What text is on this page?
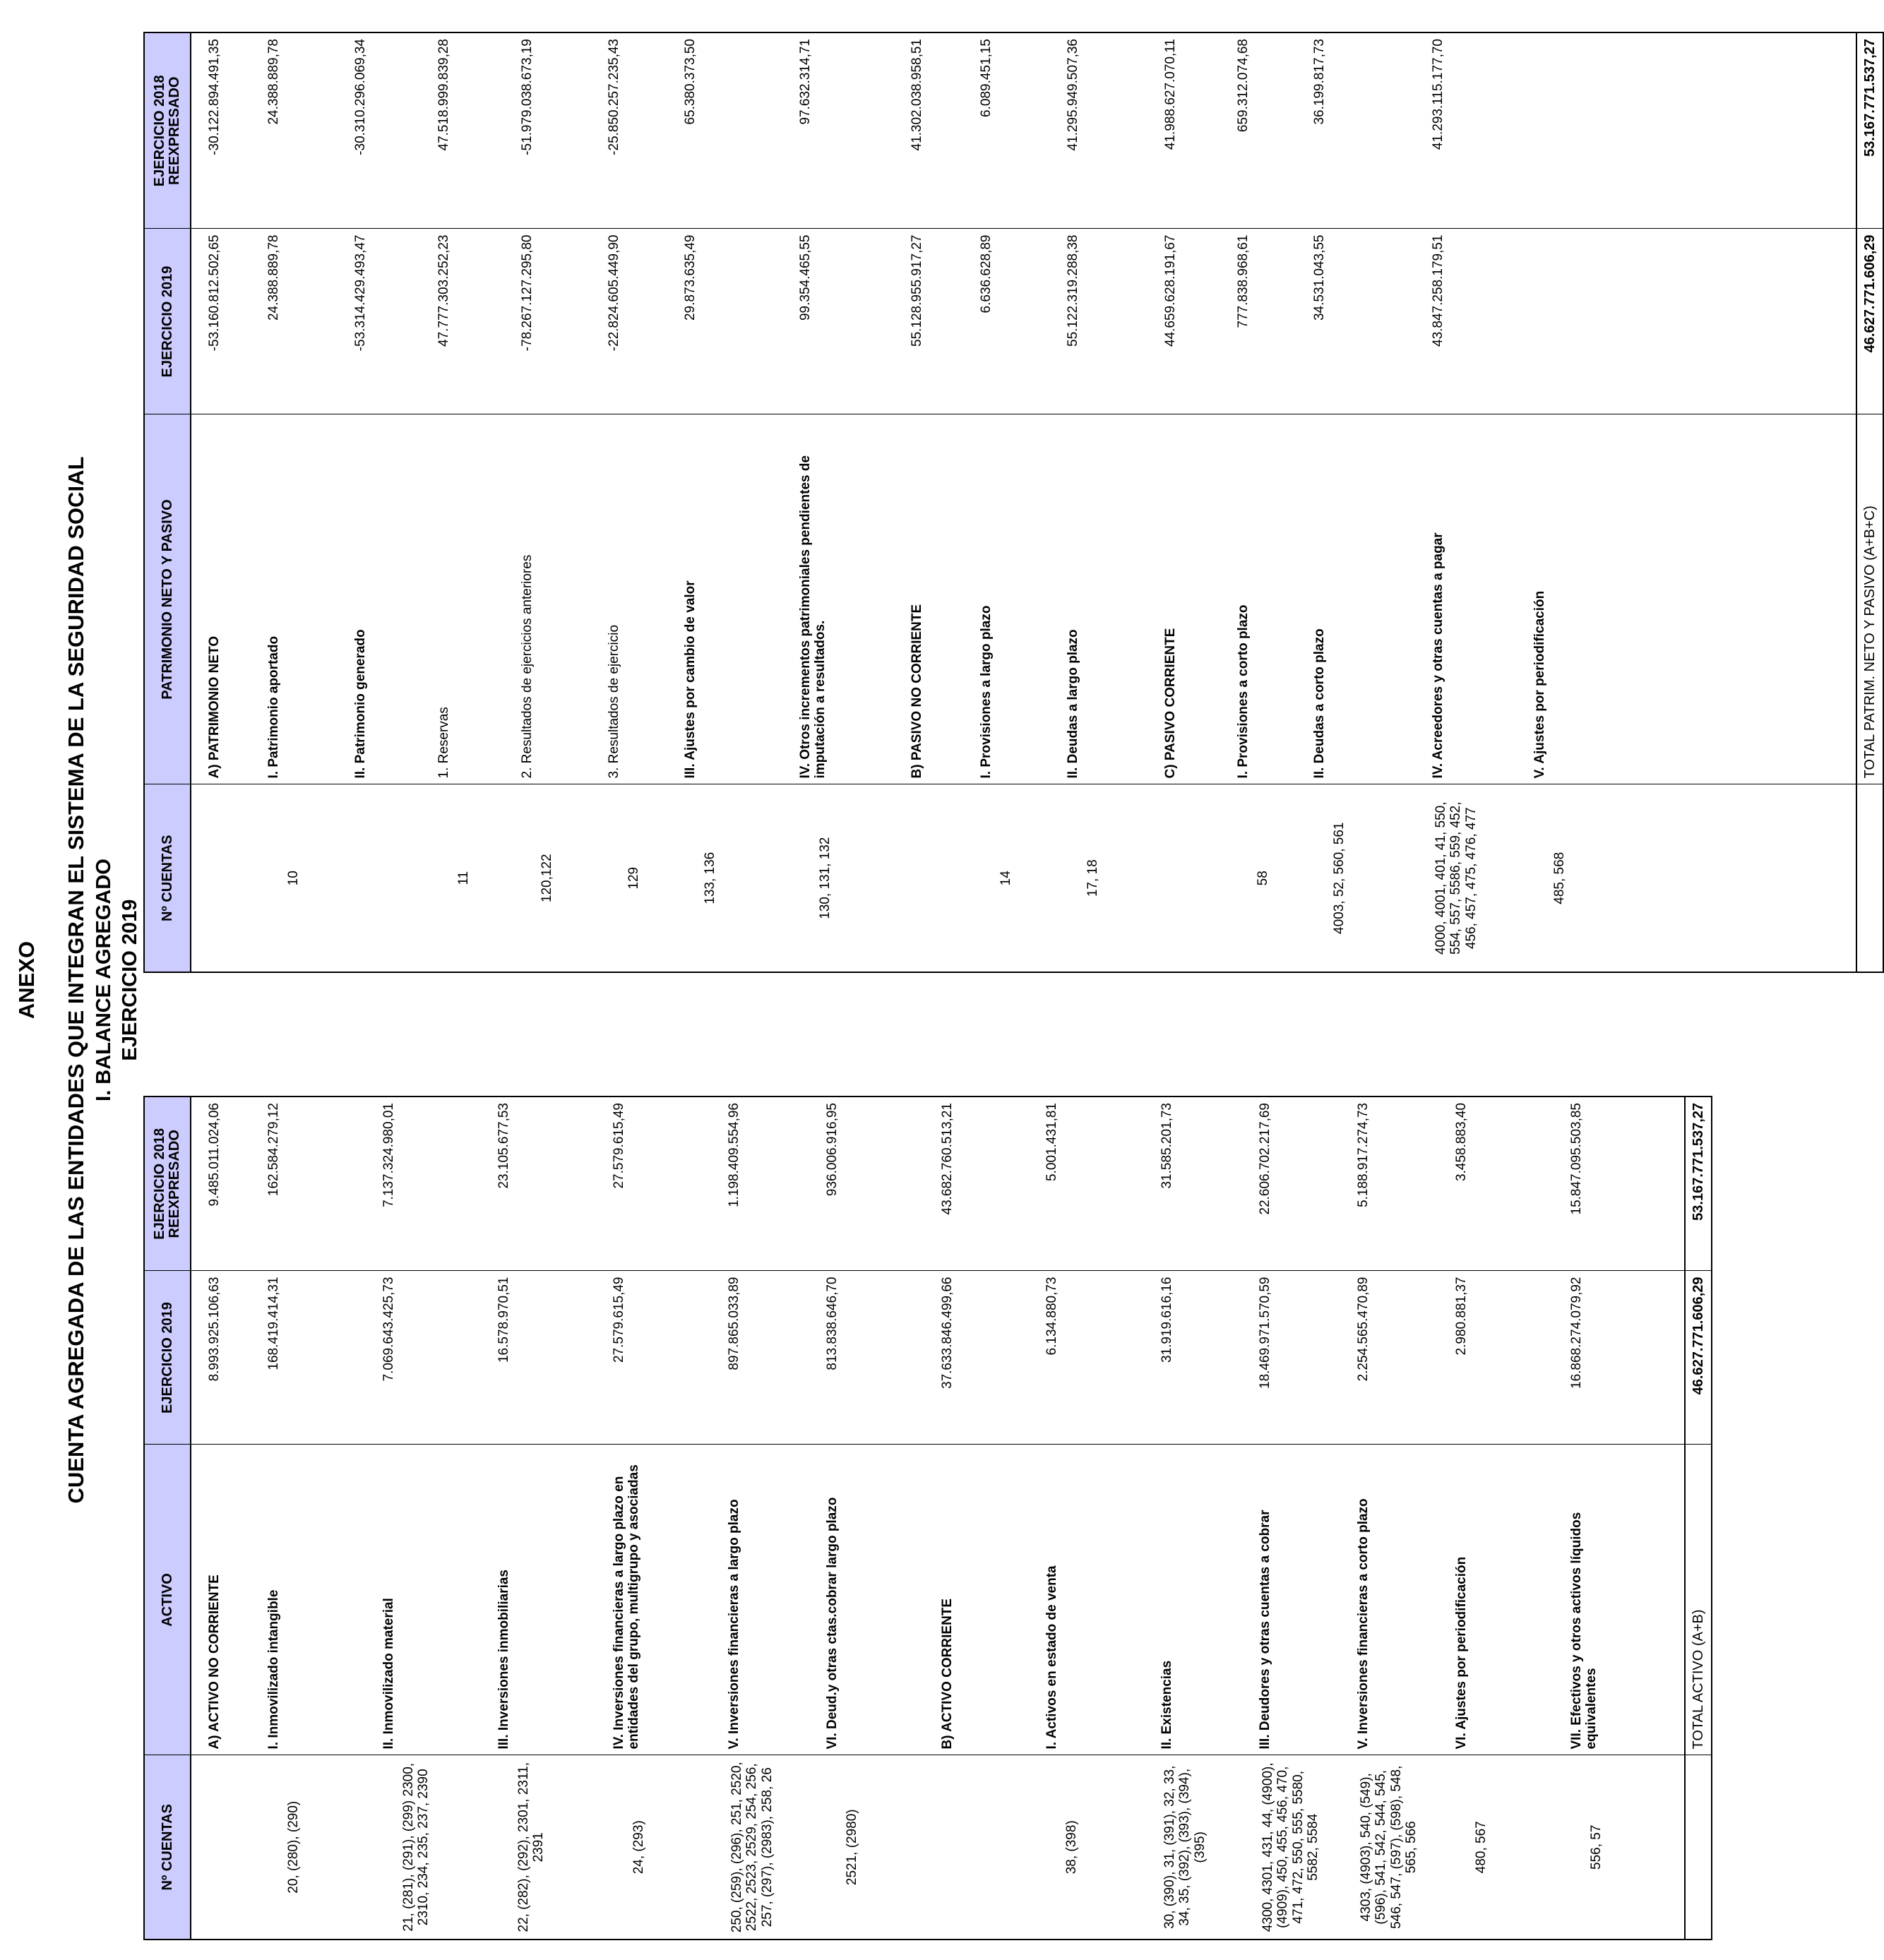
ANEXO CUENTA AGREGADA DE LAS ENTIDADES QUE INTEGRAN EL SISTEMA DE LA SEGURIDAD SOCIAL I. BALANCE AGREGADO EJERCICIO 2019
Nº CUENTAS	ACTIVO	EJERCICIO 2019	EJERCICIO 2018 REEXPRESADO
	A) ACTIVO NO CORRIENTE	8.993.925.106,63	9.485.011.024,06
20, (280), (290)	I. Inmovilizado intangible	168.419.414,31	162.584.279,12
21, (281), (291), (299) 2300, 2310, 234, 235, 237, 2390	II. Inmovilizado material	7.069.643.425,73	7.137.324.980,01
22, (282), (292), 2301, 2311, 2391	III. Inversiones inmobiliarias	16.578.970,51	23.105.677,53
24, (293)	IV. Inversiones financieras a largo plazo en entidades del grupo, multigrupo y asociadas	27.579.615,49	27.579.615,49
250, (259), (296), 251, 2520, 2522, 2523, 2529, 254, 256, 257, (297), (2983), 258, 26	V. Inversiones financieras a largo plazo	897.865.033,89	1.198.409.554,96
2521, (2980)	VI. Deud.y otras ctas.cobrar largo plazo	813.838.646,70	936.006.916,95
	B) ACTIVO CORRIENTE	37.633.846.499,66	43.682.760.513,21
38, (398)	I. Activos en estado de venta	6.134.880,73	5.001.431,81
30, (390), 31, (391), 32, 33, 34, 35, (392), (393), (394), (395)	II. Existencias	31.919.616,16	31.585.201,73
4300, 4301, 431, 44, (4900), (4909), 450, 455, 456, 470, 471, 472, 550, 555, 5580, 5582, 5584	III. Deudores y otras cuentas a cobrar	18.469.971.570,59	22.606.702.217,69
4303, (4903), 540, (549), (596), 541, 542, 544, 545, 546, 547, (597), (598), 548, 565, 566	V. Inversiones financieras a corto plazo	2.254.565.470,89	5.188.917.274,73
480, 567	VI. Ajustes por periodificación	2.980.881,37	3.458.883,40
556, 57	VII. Efectivos y otros activos líquidos equivalentes	16.868.274.079,92	15.847.095.503,85
	TOTAL ACTIVO (A+B)	46.627.771.606,29	53.167.771.537,27
Nº CUENTAS	PATRIMONIO NETO Y PASIVO	EJERCICIO 2019	EJERCICIO 2018 REEXPRESADO
	A) PATRIMONIO NETO	-53.160.812.502,65	-30.122.894.491,35
10	I. Patrimonio aportado	24.388.889,78	24.388.889,78
	II. Patrimonio generado	-53.314.429.493,47	-30.310.296.069,34
11	1. Reservas	47.777.303.252,23	47.518.999.839,28
120,122	2. Resultados de ejercicios anteriores	-78.267.127.295,80	-51.979.038.673,19
129	3. Resultados de ejercicio	-22.824.605.449,90	-25.850.257.235,43
133, 136	III. Ajustes por cambio de valor	29.873.635,49	65.380.373,50
130, 131, 132	IV. Otros incrementos patrimoniales pendientes de imputación a resultados.	99.354.465,55	97.632.314,71
	B) PASIVO NO CORRIENTE	55.128.955.917,27	41.302.038.958,51
14	I. Provisiones a largo plazo	6.636.628,89	6.089.451,15
17, 18	II. Deudas a largo plazo	55.122.319.288,38	41.295.949.507,36
	C) PASIVO CORRIENTE	44.659.628.191,67	41.988.627.070,11
58	I. Provisiones a corto plazo	777.838.968,61	659.312.074,68
4003, 52, 560, 561	II. Deudas a corto plazo	34.531.043,55	36.199.817,73
4000, 4001, 401, 41, 550, 554, 557, 5586, 559, 452, 456, 457, 475, 476, 477	IV. Acreedores y otras cuentas a pagar	43.847.258.179,51	41.293.115.177,70
485, 568	V. Ajustes por periodificación		
	TOTAL PATRIM. NETO Y PASIVO (A+B+C)	46.627.771.606,29	53.167.771.537,27
